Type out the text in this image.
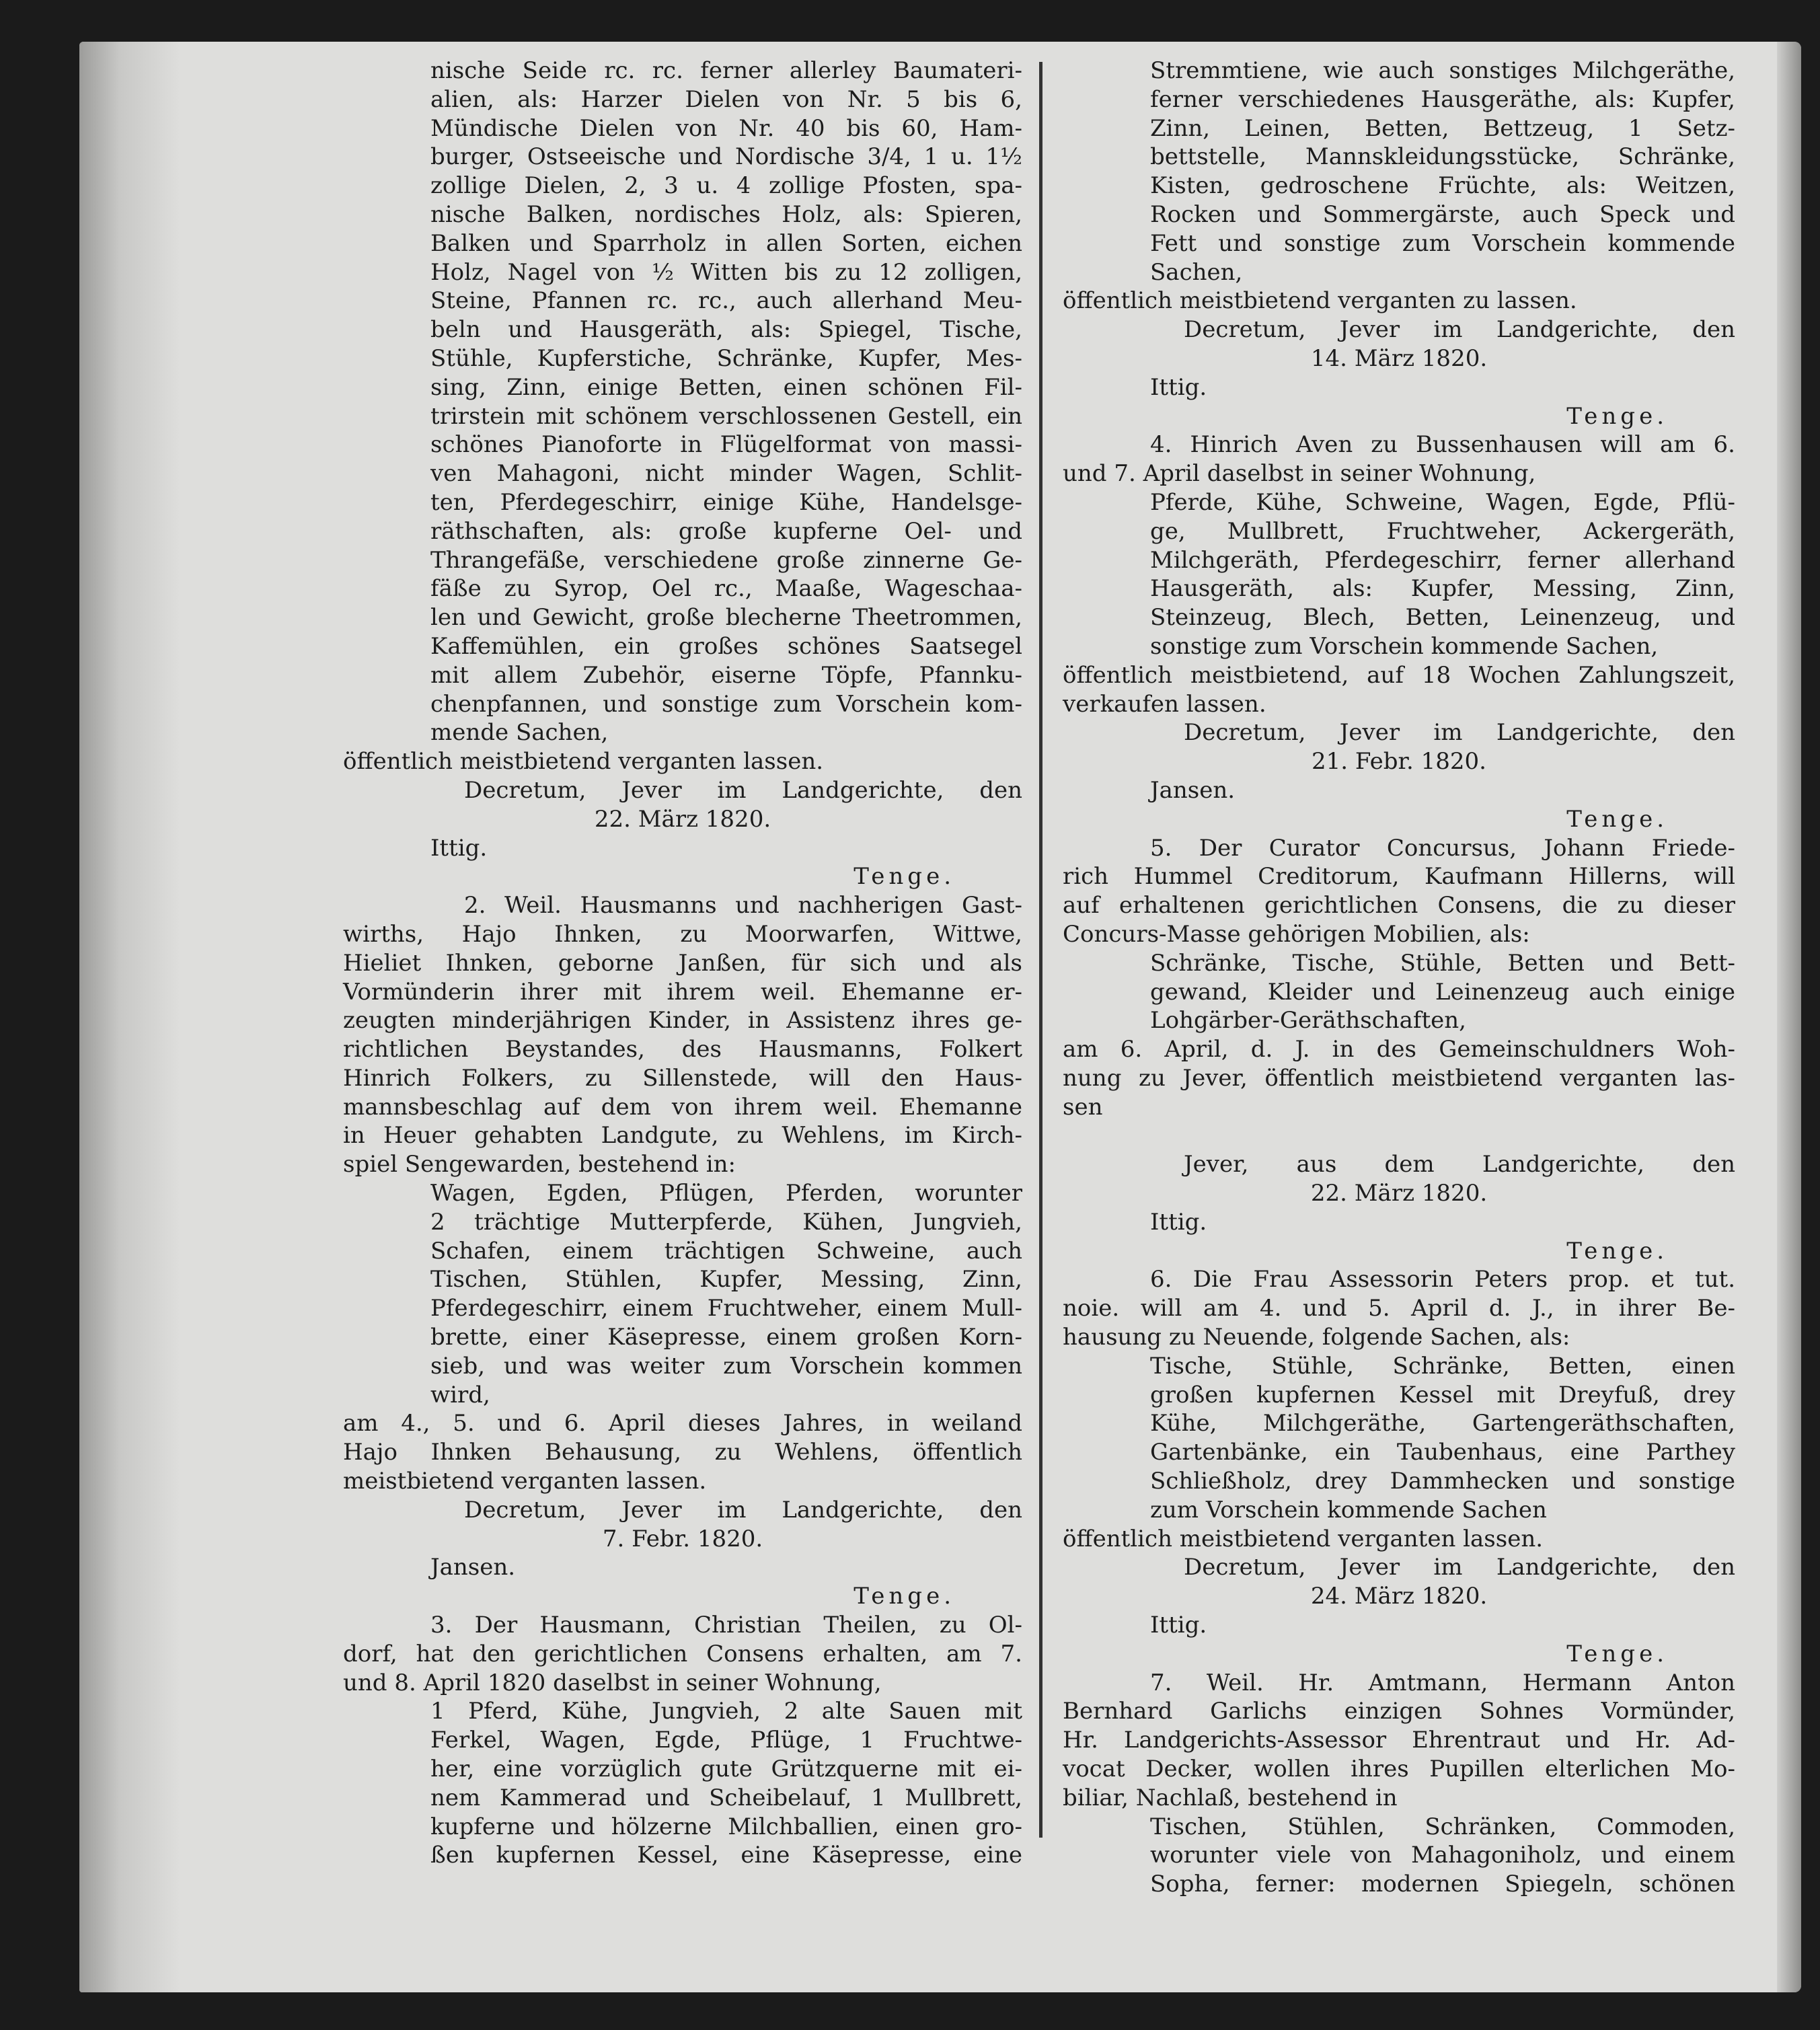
nische Seide rc. rc. ferner allerley Baumateri-
alien, als: Harzer Dielen von Nr. 5 bis 6,
Mündische Dielen von Nr. 40 bis 60, Ham-
burger, Ostseeische und Nordische 3/4, 1 u. 1½
zollige Dielen, 2, 3 u. 4 zollige Pfosten, spa-
nische Balken, nordisches Holz, als: Spieren,
Balken und Sparrholz in allen Sorten, eichen
Holz, Nagel von ½ Witten bis zu 12 zolligen,
Steine, Pfannen rc. rc., auch allerhand Meu-
beln und Hausgeräth, als: Spiegel, Tische,
Stühle, Kupferstiche, Schränke, Kupfer, Mes-
sing, Zinn, einige Betten, einen schönen Fil-
trirstein mit schönem verschlossenen Gestell, ein
schönes Pianoforte in Flügelformat von massi-
ven Mahagoni, nicht minder Wagen, Schlit-
ten, Pferdegeschirr, einige Kühe, Handelsge-
räthschaften, als: große kupferne Oel- und
Thrangefäße, verschiedene große zinnerne Ge-
fäße zu Syrop, Oel rc., Maaße, Wageschaa-
len und Gewicht, große blecherne Theetrommen,
Kaffemühlen, ein großes schönes Saatsegel
mit allem Zubehör, eiserne Töpfe, Pfannku-
chenpfannen, und sonstige zum Vorschein kom-
mende Sachen,
öffentlich meistbietend verganten lassen.
Decretum, Jever im Landgerichte, den
22. März 1820.
Ittig.
Tenge.
2. Weil. Hausmanns und nachherigen Gast-
wirths, Hajo Ihnken, zu Moorwarfen, Wittwe,
Hieliet Ihnken, geborne Janßen, für sich und als
Vormünderin ihrer mit ihrem weil. Ehemanne er-
zeugten minderjährigen Kinder, in Assistenz ihres ge-
richtlichen Beystandes, des Hausmanns, Folkert
Hinrich Folkers, zu Sillenstede, will den Haus-
mannsbeschlag auf dem von ihrem weil. Ehemanne
in Heuer gehabten Landgute, zu Wehlens, im Kirch-
spiel Sengewarden, bestehend in:
Wagen, Egden, Pflügen, Pferden, worunter
2 trächtige Mutterpferde, Kühen, Jungvieh,
Schafen, einem trächtigen Schweine, auch
Tischen, Stühlen, Kupfer, Messing, Zinn,
Pferdegeschirr, einem Fruchtweher, einem Mull-
brette, einer Käsepresse, einem großen Korn-
sieb, und was weiter zum Vorschein kommen
wird,
am 4., 5. und 6. April dieses Jahres, in weiland
Hajo Ihnken Behausung, zu Wehlens, öffentlich
meistbietend verganten lassen.
Decretum, Jever im Landgerichte, den
7. Febr. 1820.
Jansen.
Tenge.
3. Der Hausmann, Christian Theilen, zu Ol-
dorf, hat den gerichtlichen Consens erhalten, am 7.
und 8. April 1820 daselbst in seiner Wohnung,
1 Pferd, Kühe, Jungvieh, 2 alte Sauen mit
Ferkel, Wagen, Egde, Pflüge, 1 Fruchtwe-
her, eine vorzüglich gute Grützquerne mit ei-
nem Kammerad und Scheibelauf, 1 Mullbrett,
kupferne und hölzerne Milchballien, einen gro-
ßen kupfernen Kessel, eine Käsepresse, eine
Stremmtiene, wie auch sonstiges Milchgeräthe,
ferner verschiedenes Hausgeräthe, als: Kupfer,
Zinn, Leinen, Betten, Bettzeug, 1 Setz-
bettstelle, Mannskleidungsstücke, Schränke,
Kisten, gedroschene Früchte, als: Weitzen,
Rocken und Sommergärste, auch Speck und
Fett und sonstige zum Vorschein kommende
Sachen,
öffentlich meistbietend verganten zu lassen.
Decretum, Jever im Landgerichte, den
14. März 1820.
Ittig.
Tenge.
4. Hinrich Aven zu Bussenhausen will am 6.
und 7. April daselbst in seiner Wohnung,
Pferde, Kühe, Schweine, Wagen, Egde, Pflü-
ge, Mullbrett, Fruchtweher, Ackergeräth,
Milchgeräth, Pferdegeschirr, ferner allerhand
Hausgeräth, als: Kupfer, Messing, Zinn,
Steinzeug, Blech, Betten, Leinenzeug, und
sonstige zum Vorschein kommende Sachen,
öffentlich meistbietend, auf 18 Wochen Zahlungszeit,
verkaufen lassen.
Decretum, Jever im Landgerichte, den
21. Febr. 1820.
Jansen.
Tenge.
5. Der Curator Concursus, Johann Friede-
rich Hummel Creditorum, Kaufmann Hillerns, will
auf erhaltenen gerichtlichen Consens, die zu dieser
Concurs-Masse gehörigen Mobilien, als:
Schränke, Tische, Stühle, Betten und Bett-
gewand, Kleider und Leinenzeug auch einige
Lohgärber-Geräthschaften,
am 6. April, d. J. in des Gemeinschuldners Woh-
nung zu Jever, öffentlich meistbietend verganten las-
sen
Jever, aus dem Landgerichte, den
22. März 1820.
Ittig.
Tenge.
6. Die Frau Assessorin Peters prop. et tut.
noie. will am 4. und 5. April d. J., in ihrer Be-
hausung zu Neuende, folgende Sachen, als:
Tische, Stühle, Schränke, Betten, einen
großen kupfernen Kessel mit Dreyfuß, drey
Kühe, Milchgeräthe, Gartengeräthschaften,
Gartenbänke, ein Taubenhaus, eine Parthey
Schließholz, drey Dammhecken und sonstige
zum Vorschein kommende Sachen
öffentlich meistbietend verganten lassen.
Decretum, Jever im Landgerichte, den
24. März 1820.
Ittig.
Tenge.
7. Weil. Hr. Amtmann, Hermann Anton
Bernhard Garlichs einzigen Sohnes Vormünder,
Hr. Landgerichts-Assessor Ehrentraut und Hr. Ad-
vocat Decker, wollen ihres Pupillen elterlichen Mo-
biliar, Nachlaß, bestehend in
Tischen, Stühlen, Schränken, Commoden,
worunter viele von Mahagoniholz, und einem
Sopha, ferner: modernen Spiegeln, schönen
